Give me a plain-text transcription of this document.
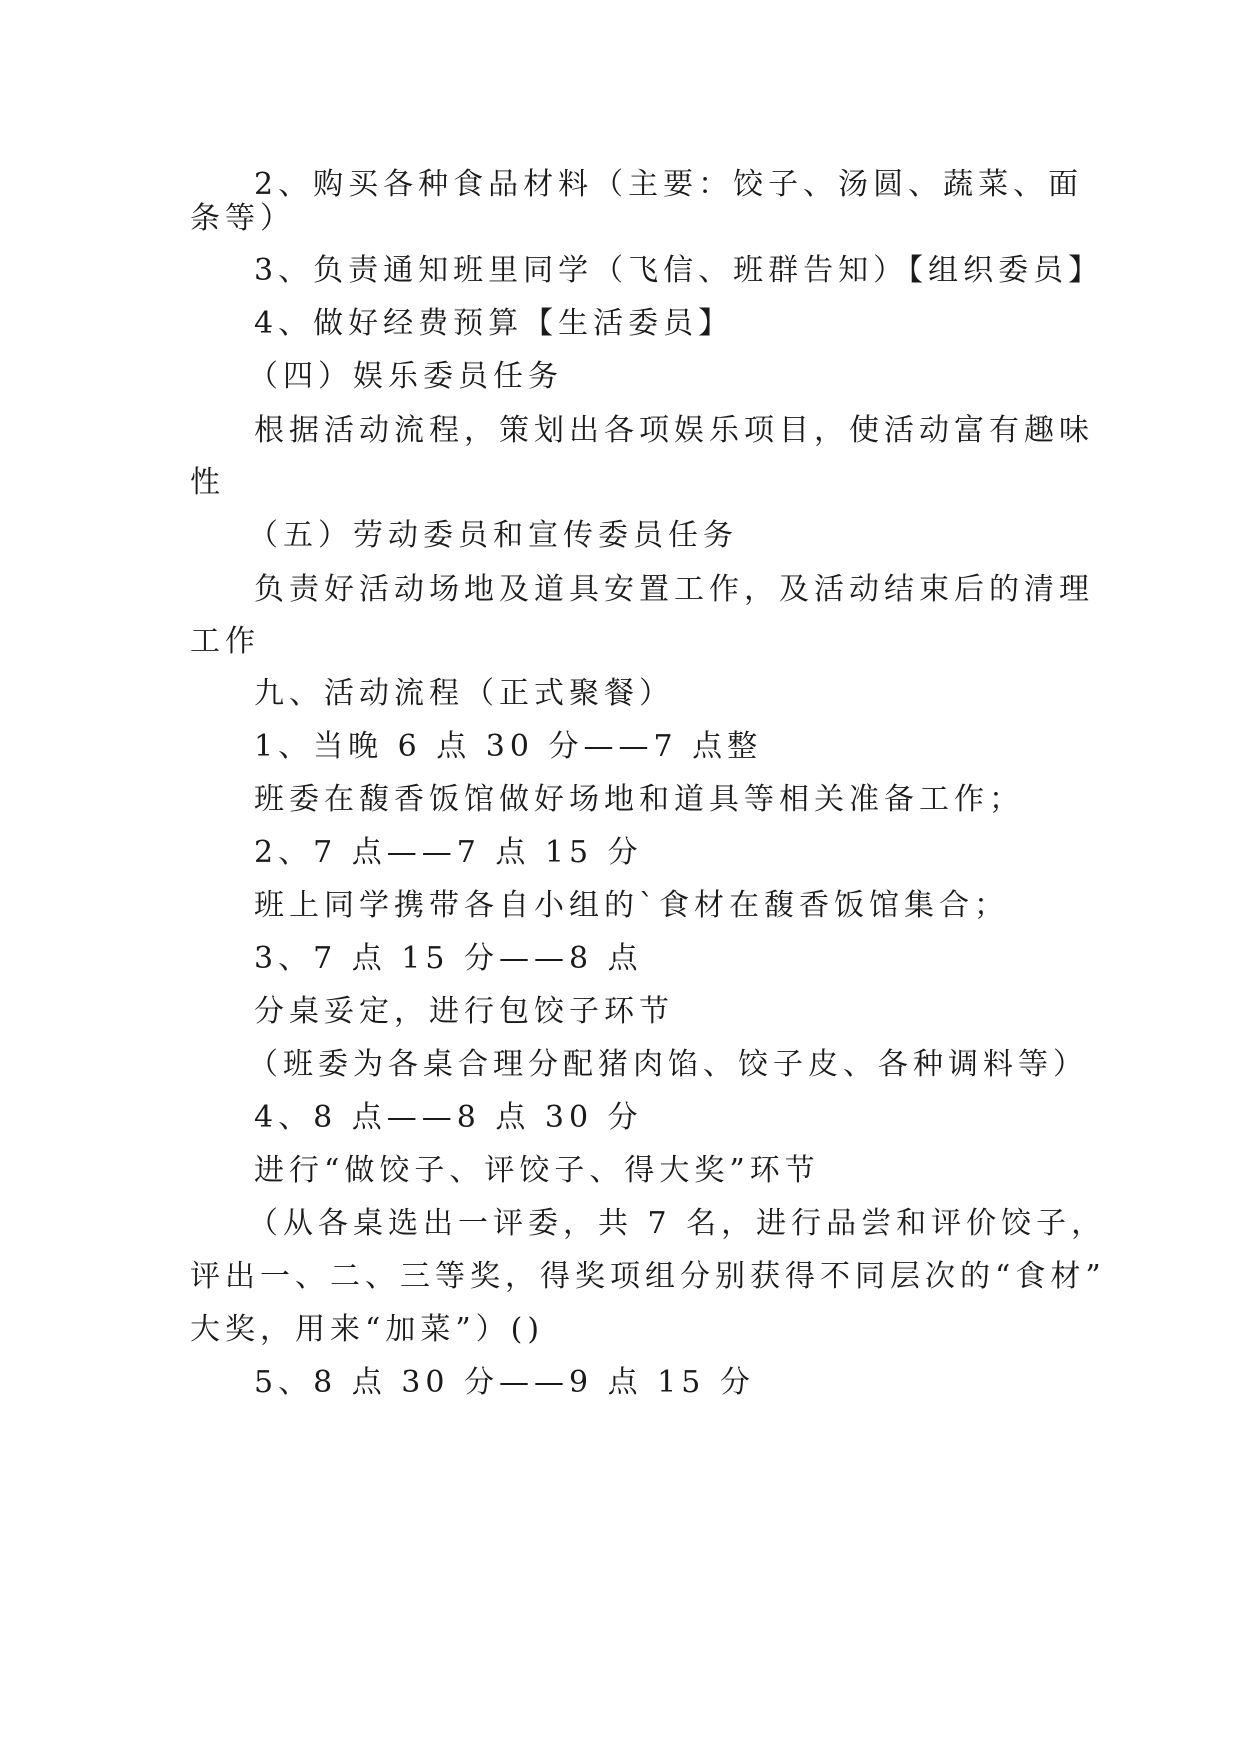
2、购买各种食品材料（主要：饺子、汤圆、蔬菜、面
条等）
3、负责通知班里同学（飞信、班群告知）【组织委员】
4、做好经费预算【生活委员】
（四）娱乐委员任务
根据活动流程，策划出各项娱乐项目，使活动富有趣味
性
（五）劳动委员和宣传委员任务
负责好活动场地及道具安置工作，及活动结束后的清理
工作
九、活动流程（正式聚餐）
1、当晚 6 点 30 分——7 点整
班委在馥香饭馆做好场地和道具等相关准备工作；
2、7 点——7 点 15 分
班上同学携带各自小组的`食材在馥香饭馆集合；
3、7 点 15 分——8 点
分桌妥定，进行包饺子环节
（班委为各桌合理分配猪肉馅、饺子皮、各种调料等）
4、8 点——8 点 30 分
进行“做饺子、评饺子、得大奖”环节
（从各桌选出一评委，共 7 名，进行品尝和评价饺子，
评出一、二、三等奖，得奖项组分别获得不同层次的“食材”
大奖，用来“加菜”）()
5、8 点 30 分——9 点 15 分
